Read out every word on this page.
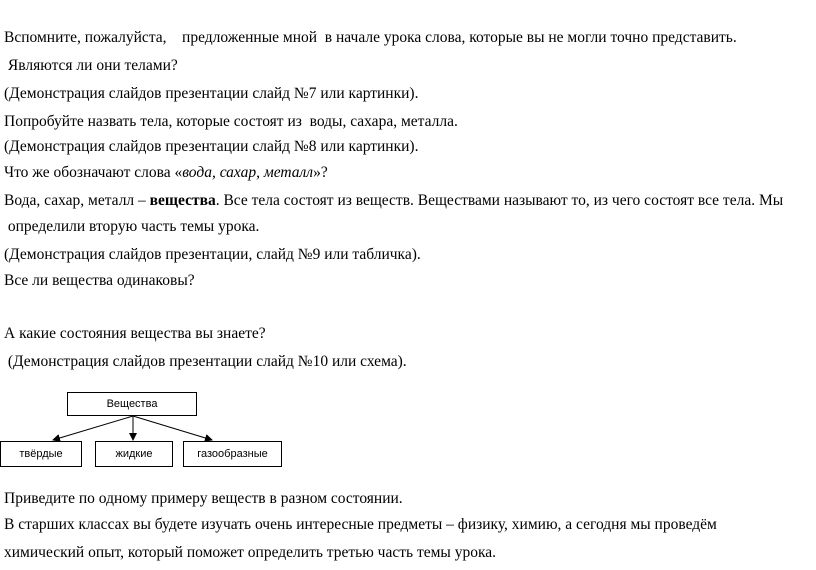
Вспомните, пожалуйста,    предложенные мной  в начале урока слова, которые вы не могли точно представить.
Являются ли они телами?
(Демонстрация слайдов презентации слайд №7 или картинки).
Попробуйте назвать тела, которые состоят из  воды, сахара, металла.
(Демонстрация слайдов презентации слайд №8 или картинки).
Что же обозначают слова «вода, сахар, металл»?
Вода, сахар, металл – вещества. Все тела состоят из веществ. Веществами называют то, из чего состоят все тела. Мы
определили вторую часть темы урока.
(Демонстрация слайдов презентации, слайд №9 или табличка).
Все ли вещества одинаковы?
А какие состояния вещества вы знаете?
(Демонстрация слайдов презентации слайд №10 или схема).
Вещества
твёрдые	жидкие	газообразные
Приведите по одному примеру веществ в разном состоянии.
В старших классах вы будете изучать очень интересные предметы – физику, химию, а сегодня мы проведём
химический опыт, который поможет определить третью часть темы урока.
